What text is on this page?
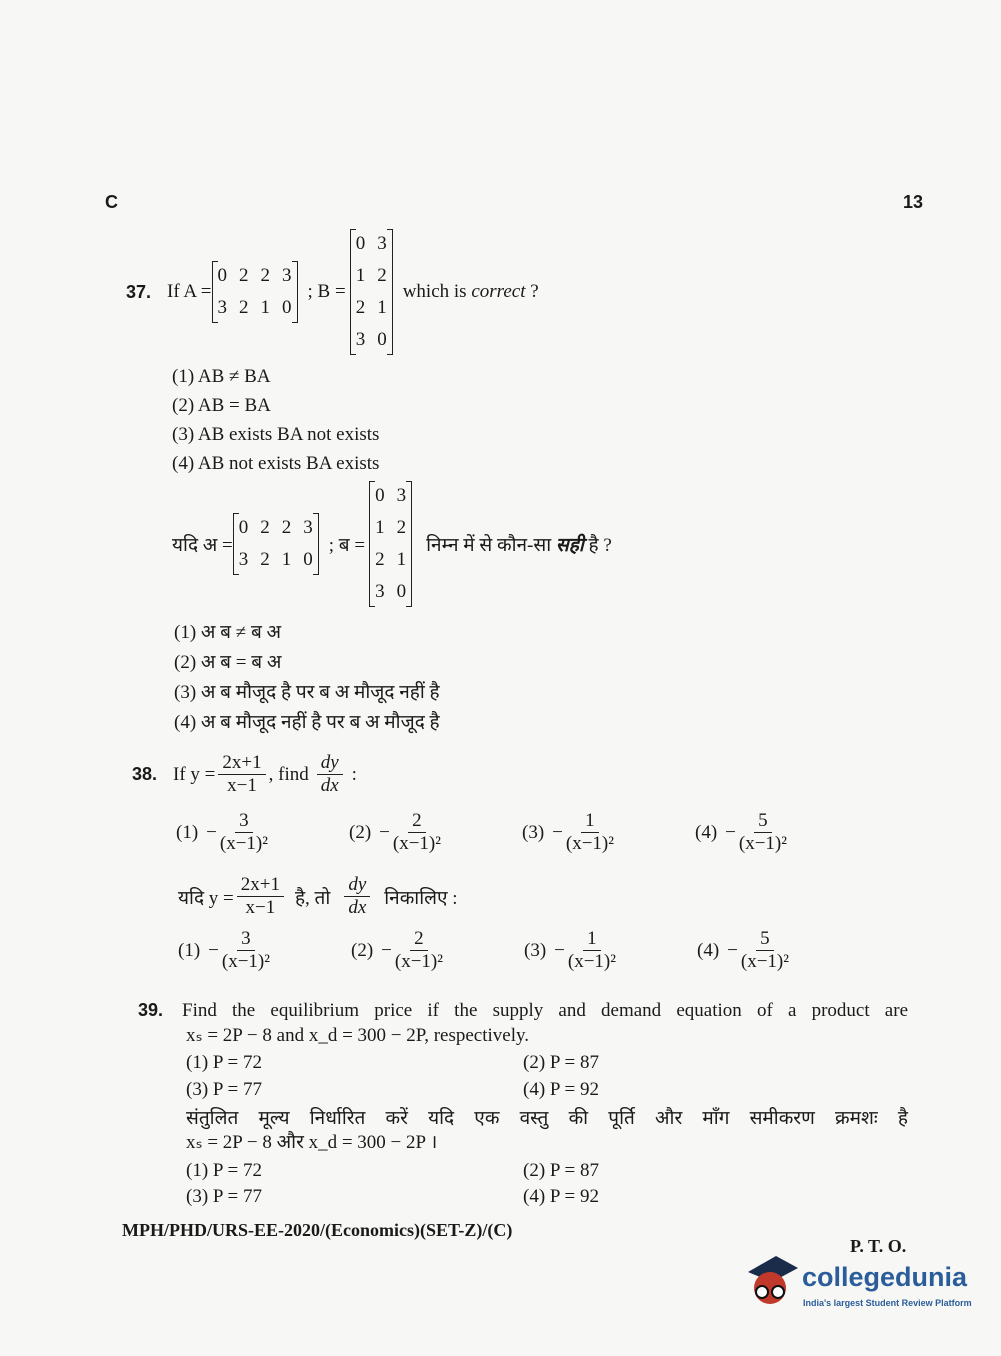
C	13
37. If A =
0 2 2 3
3 2 1 0
; B =
0 3
1 2
2 1
3 0
which is correct ?
(1) AB ≠ BA
(2) AB = BA
(3) AB exists BA not exists
(4) AB not exists BA exists
यदि अ =
0 2 2 3
3 2 1 0
; ब =
0 3
1 2
2 1
3 0
निम्न में से कौन-सा सही है ?
(1) अ ब ≠ ब अ
(2) अ ब = ब अ
(3) अ ब मौजूद है पर ब अ मौजूद नहीं है
(4) अ ब मौजूद नहीं है पर ब अ मौजूद है
38. If $y = \frac{2x+1}{x-1}$ , find $\frac{dy}{dx}$ :
$(1) - \frac{3}{\text{(x−1)²}}$	$(2) - \frac{2}{\text{(x−1)²}}$	$(3) - \frac{1}{\text{(x−1)²}}$	$(4) - \frac{5}{\text{(x−1)²}}$
यदि $y = \frac{2x+1}{x-1}$ है, तो $\frac{dy}{dx}$ निकालिए :
$(1) - \frac{3}{\text{(x−1)²}}$	$(2) - \frac{2}{\text{(x−1)²}}$	$(3) - \frac{1}{\text{(x−1)²}}$	$(4) - \frac{5}{\text{(x−1)²}}$
39. Find the equilibrium price if the supply and demand equation of a product are
xₛ = 2P − 8 and x_d = 300 − 2P, respectively.
(1) P = 72	(2) P = 87
(3) P = 77	(4) P = 92
संतुलित मूल्य निर्धारित करें यदि एक वस्तु की पूर्ति और माँग समीकरण क्रमशः है
xₛ = 2P − 8 और x_d = 300 − 2P ।
(1) P = 72	(2) P = 87
(3) P = 77	(4) P = 92
MPH/PHD/URS-EE-2020/(Economics)(SET-Z)/(C)
P. T. O.
collegedunia
India's largest Student Review Platform
